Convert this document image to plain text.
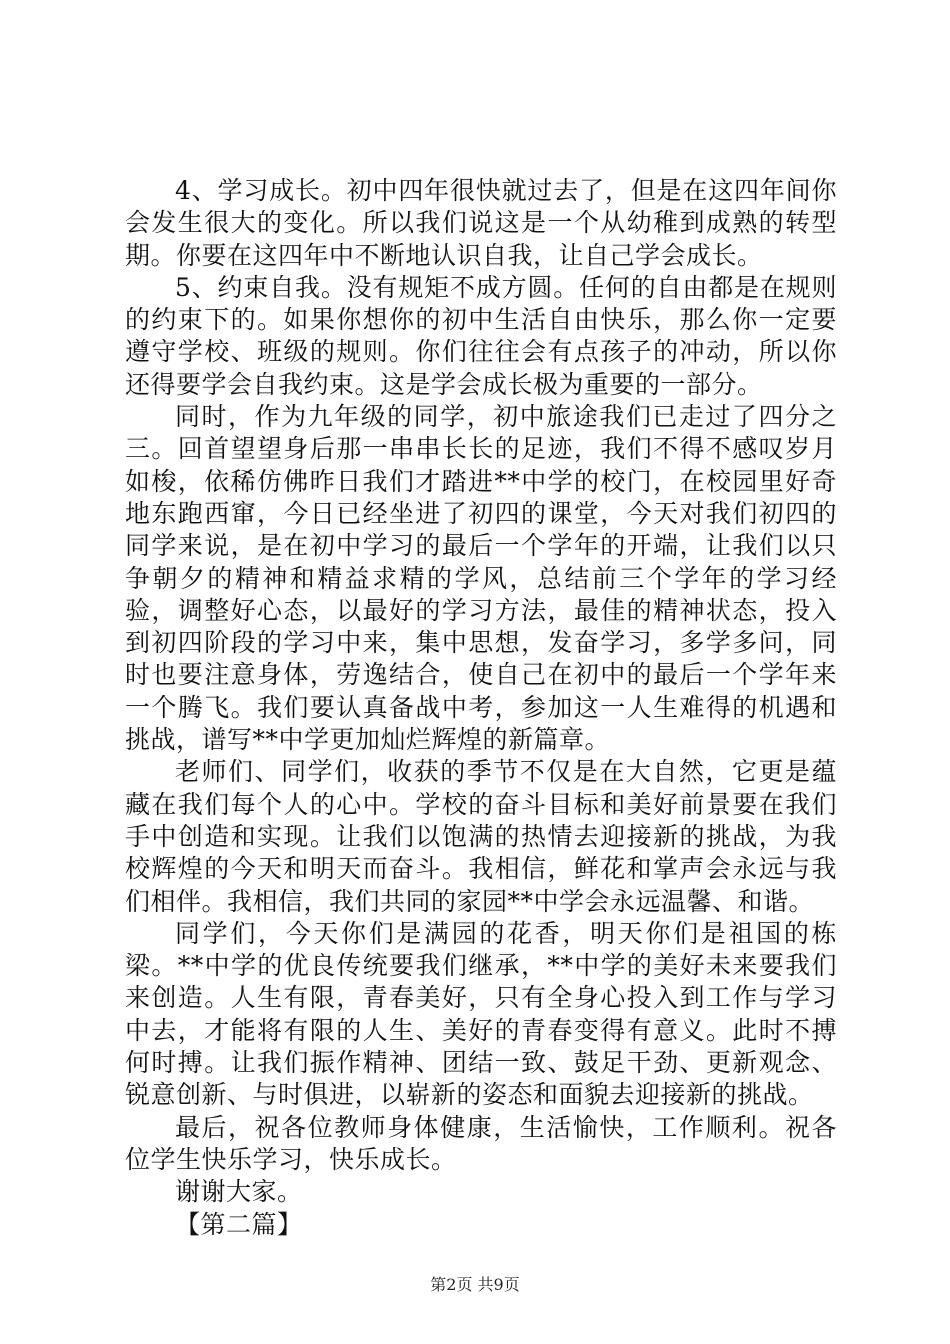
4、学习成长。初中四年很快就过去了，但是在这四年间你会发生很大的变化。所以我们说这是一个从幼稚到成熟的转型期。你要在这四年中不断地认识自我，让自己学会成长。

5、约束自我。没有规矩不成方圆。任何的自由都是在规则的约束下的。如果你想你的初中生活自由快乐，那么你一定要遵守学校、班级的规则。你们往往会有点孩子的冲动，所以你还得要学会自我约束。这是学会成长极为重要的一部分。

同时，作为九年级的同学，初中旅途我们已走过了四分之三。回首望望身后那一串串长长的足迹，我们不得不感叹岁月如梭，依稀仿佛昨日我们才踏进**中学的校门，在校园里好奇地东跑西窜，今日已经坐进了初四的课堂，今天对我们初四的同学来说，是在初中学习的最后一个学年的开端，让我们以只争朝夕的精神和精益求精的学风，总结前三个学年的学习经验，调整好心态，以最好的学习方法，最佳的精神状态，投入到初四阶段的学习中来，集中思想，发奋学习，多学多问，同时也要注意身体，劳逸结合，使自己在初中的最后一个学年来一个腾飞。我们要认真备战中考，参加这一人生难得的机遇和挑战，谱写**中学更加灿烂辉煌的新篇章。

老师们、同学们，收获的季节不仅是在大自然，它更是蕴藏在我们每个人的心中。学校的奋斗目标和美好前景要在我们手中创造和实现。让我们以饱满的热情去迎接新的挑战，为我校辉煌的今天和明天而奋斗。我相信，鲜花和掌声会永远与我们相伴。我相信，我们共同的家园**中学会永远温馨、和谐。

同学们，今天你们是满园的花香，明天你们是祖国的栋梁。**中学的优良传统要我们继承，**中学的美好未来要我们来创造。人生有限，青春美好，只有全身心投入到工作与学习中去，才能将有限的人生、美好的青春变得有意义。此时不搏何时搏。让我们振作精神、团结一致、鼓足干劲、更新观念、锐意创新、与时俱进，以崭新的姿态和面貌去迎接新的挑战。

最后，祝各位教师身体健康，生活愉快，工作顺利。祝各位学生快乐学习，快乐成长。

谢谢大家。

【第二篇】

第2页 共9页
